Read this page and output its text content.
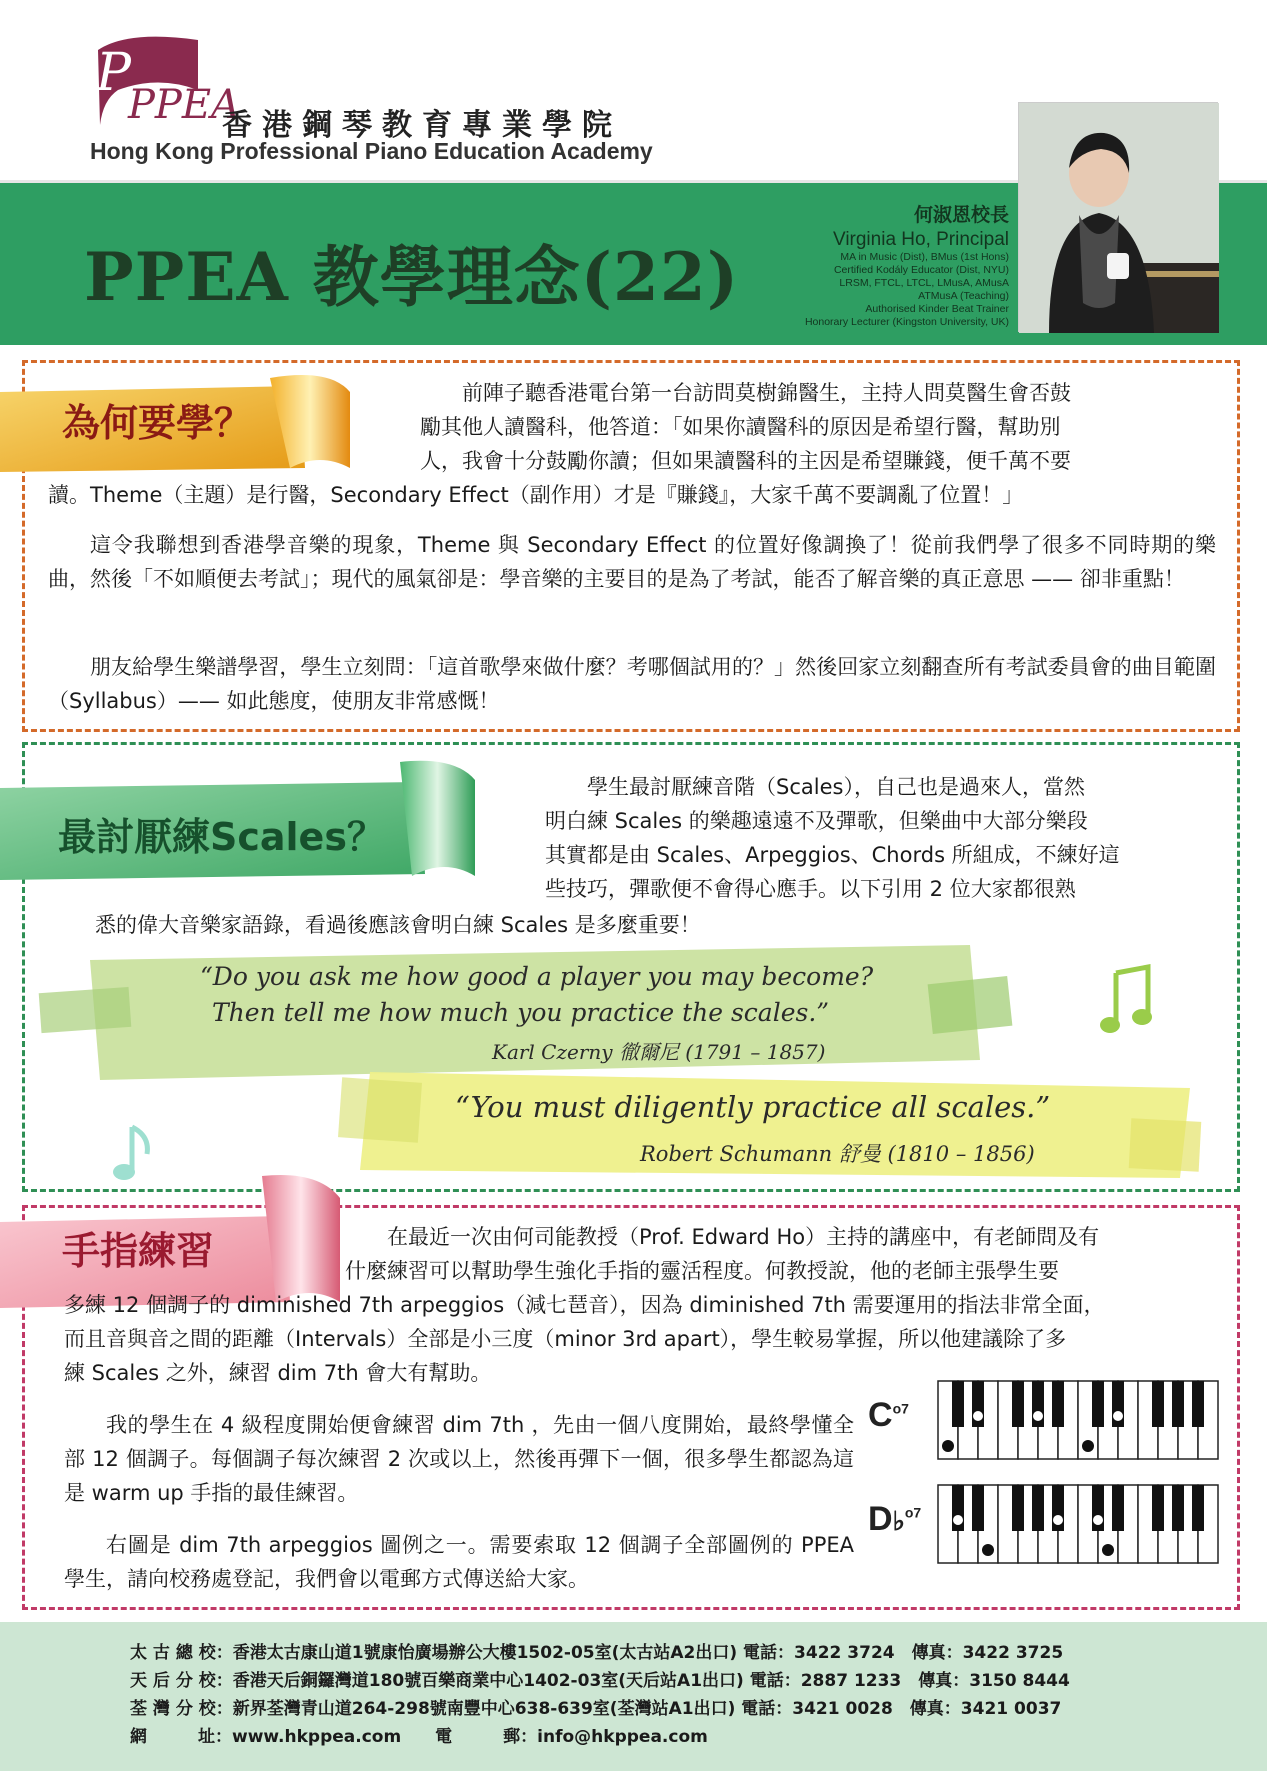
P
PPEA
香港鋼琴教育專業學院
Hong Kong Professional Piano Education Academy
PPEA 教學理念(22)
何淑恩校長
Virginia Ho, Principal
MA in Music (Dist), BMus (1st Hons)
Certified Kodály Educator (Dist, NYU)
LRSM, FTCL, LTCL, LMusA, AMusA
ATMusA (Teaching)
Authorised Kinder Beat Trainer
Honorary Lecturer (Kingston University, UK)
為何要學？
前陣子聽香港電台第一台訪問莫樹錦醫生，主持人問莫醫生會否鼓
勵其他人讀醫科，他答道：「如果你讀醫科的原因是希望行醫，幫助別
人，我會十分鼓勵你讀；但如果讀醫科的主因是希望賺錢，便千萬不要
讀。Theme（主題）是行醫，Secondary Effect（副作用）才是『賺錢』，大家千萬不要調亂了位置！」
這令我聯想到香港學音樂的現象，Theme 與 Secondary Effect 的位置好像調換了！從前我們學了很多不同時期的樂曲，然後「不如順便去考試」；現代的風氣卻是：學音樂的主要目的是為了考試，能否了解音樂的真正意思 —— 卻非重點！
朋友給學生樂譜學習，學生立刻問：「這首歌學來做什麼？考哪個試用的？」然後回家立刻翻查所有考試委員會的曲目範圍（Syllabus）—— 如此態度，使朋友非常感慨！
最討厭練Scales？
學生最討厭練音階（Scales），自己也是過來人，當然
明白練 Scales 的樂趣遠遠不及彈歌，但樂曲中大部分樂段
其實都是由 Scales、Arpeggios、Chords 所組成，不練好這
些技巧，彈歌便不會得心應手。以下引用 2 位大家都很熟
悉的偉大音樂家語錄，看過後應該會明白練 Scales 是多麼重要！
“Do you ask me how good a player you may become?
Then tell me how much you practice the scales.”
Karl Czerny 徹爾尼 (1791 – 1857)
“You must diligently practice all scales.”
Robert Schumann 舒曼 (1810 – 1856)
手指練習	在最近一次由何司能教授（Prof. Edward Ho）主持的講座中，有老師問及有
什麼練習可以幫助學生強化手指的靈活程度。何教授說，他的老師主張學生要
多練 12 個調子的 diminished 7th arpeggios（減七琶音），因為 diminished 7th 需要運用的指法非常全面，
而且音與音之間的距離（Intervals）全部是小三度（minor 3rd apart），學生較易掌握，所以他建議除了多
練 Scales 之外，練習 dim 7th 會大有幫助。
我的學生在 4 級程度開始便會練習 dim 7th ，先由一個八度開始，最終學懂全部 12 個調子。每個調子每次練習 2 次或以上，然後再彈下一個，很多學生都認為這是 warm up 手指的最佳練習。
右圖是 dim 7th arpeggios 圖例之一。需要索取 12 個調子全部圖例的 PPEA 學生，請向校務處登記，我們會以電郵方式傳送給大家。
$C^{o7}$
D♭$^{o7}$
太 古 總 校：香港太古康山道1號康怡廣場辦公大樓1502-05室(太古站A2出口) 電話：3422 3724　傳真：3422 3725
天 后 分 校：香港天后銅鑼灣道180號百樂商業中心1402-03室(天后站A1出口) 電話：2887 1233　傳真：3150 8444
荃 灣 分 校：新界荃灣青山道264-298號南豐中心638-639室(荃灣站A1出口) 電話：3421 0028　傳真：3421 0037
網　　　址：www.hkppea.com　　電　　　郵：info@hkppea.com
